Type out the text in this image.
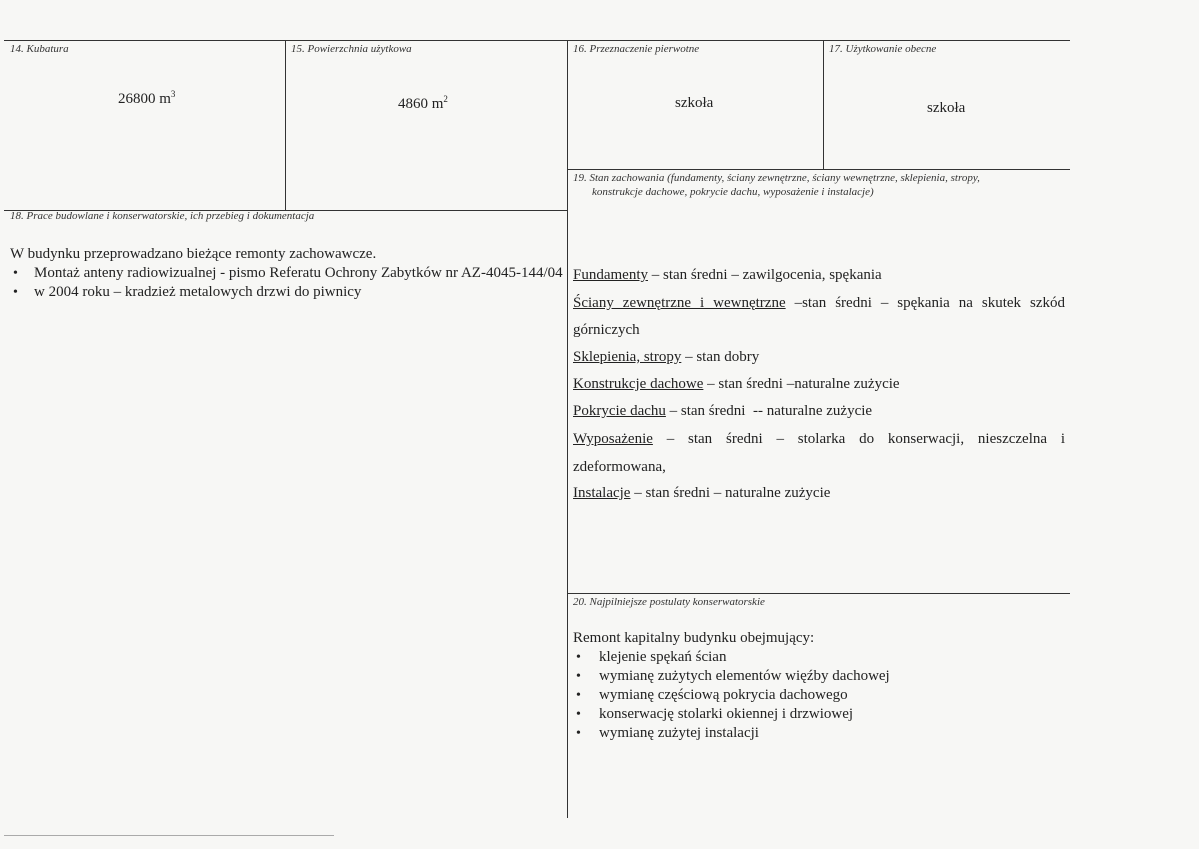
14. Kubatura
26800 $m^3$
15. Powierzchnia użytkowa
4860 $m^2$
16. Przeznaczenie pierwotne
szkoła
17. Użytkowanie obecne
szkoła
19. Stan zachowania (fundamenty, ściany zewnętrzne, ściany wewnętrzne, sklepienia, stropy,
konstrukcje dachowe, pokrycie dachu, wyposażenie i instalacje)
Fundamenty – stan średni – zawilgocenia, spękania
Ściany zewnętrzne i wewnętrzne –stan średni – spękania na skutek szkód
górniczych
Sklepienia, stropy – stan dobry
Konstrukcje dachowe – stan średni –naturalne zużycie
Pokrycie dachu – stan średni  -- naturalne zużycie
Wyposażenie  –  stan  średni  –  stolarka  do  konserwacji,  nieszczelna  i
zdeformowana,
Instalacje – stan średni – naturalne zużycie
18. Prace budowlane i konserwatorskie, ich przebieg i dokumentacja
W budynku przeprowadzano bieżące remonty zachowawcze.
• Montaż anteny radiowizualnej - pismo Referatu Ochrony Zabytków nr AZ-4045-144/04
• w 2004 roku – kradzież metalowych drzwi do piwnicy
20. Najpilniejsze postulaty konserwatorskie
Remont kapitalny budynku obejmujący:
• klejenie spękań ścian
• wymianę zużytych elementów więźby dachowej
• wymianę częściową pokrycia dachowego
• konserwację stolarki okiennej i drzwiowej
• wymianę zużytej instalacji
